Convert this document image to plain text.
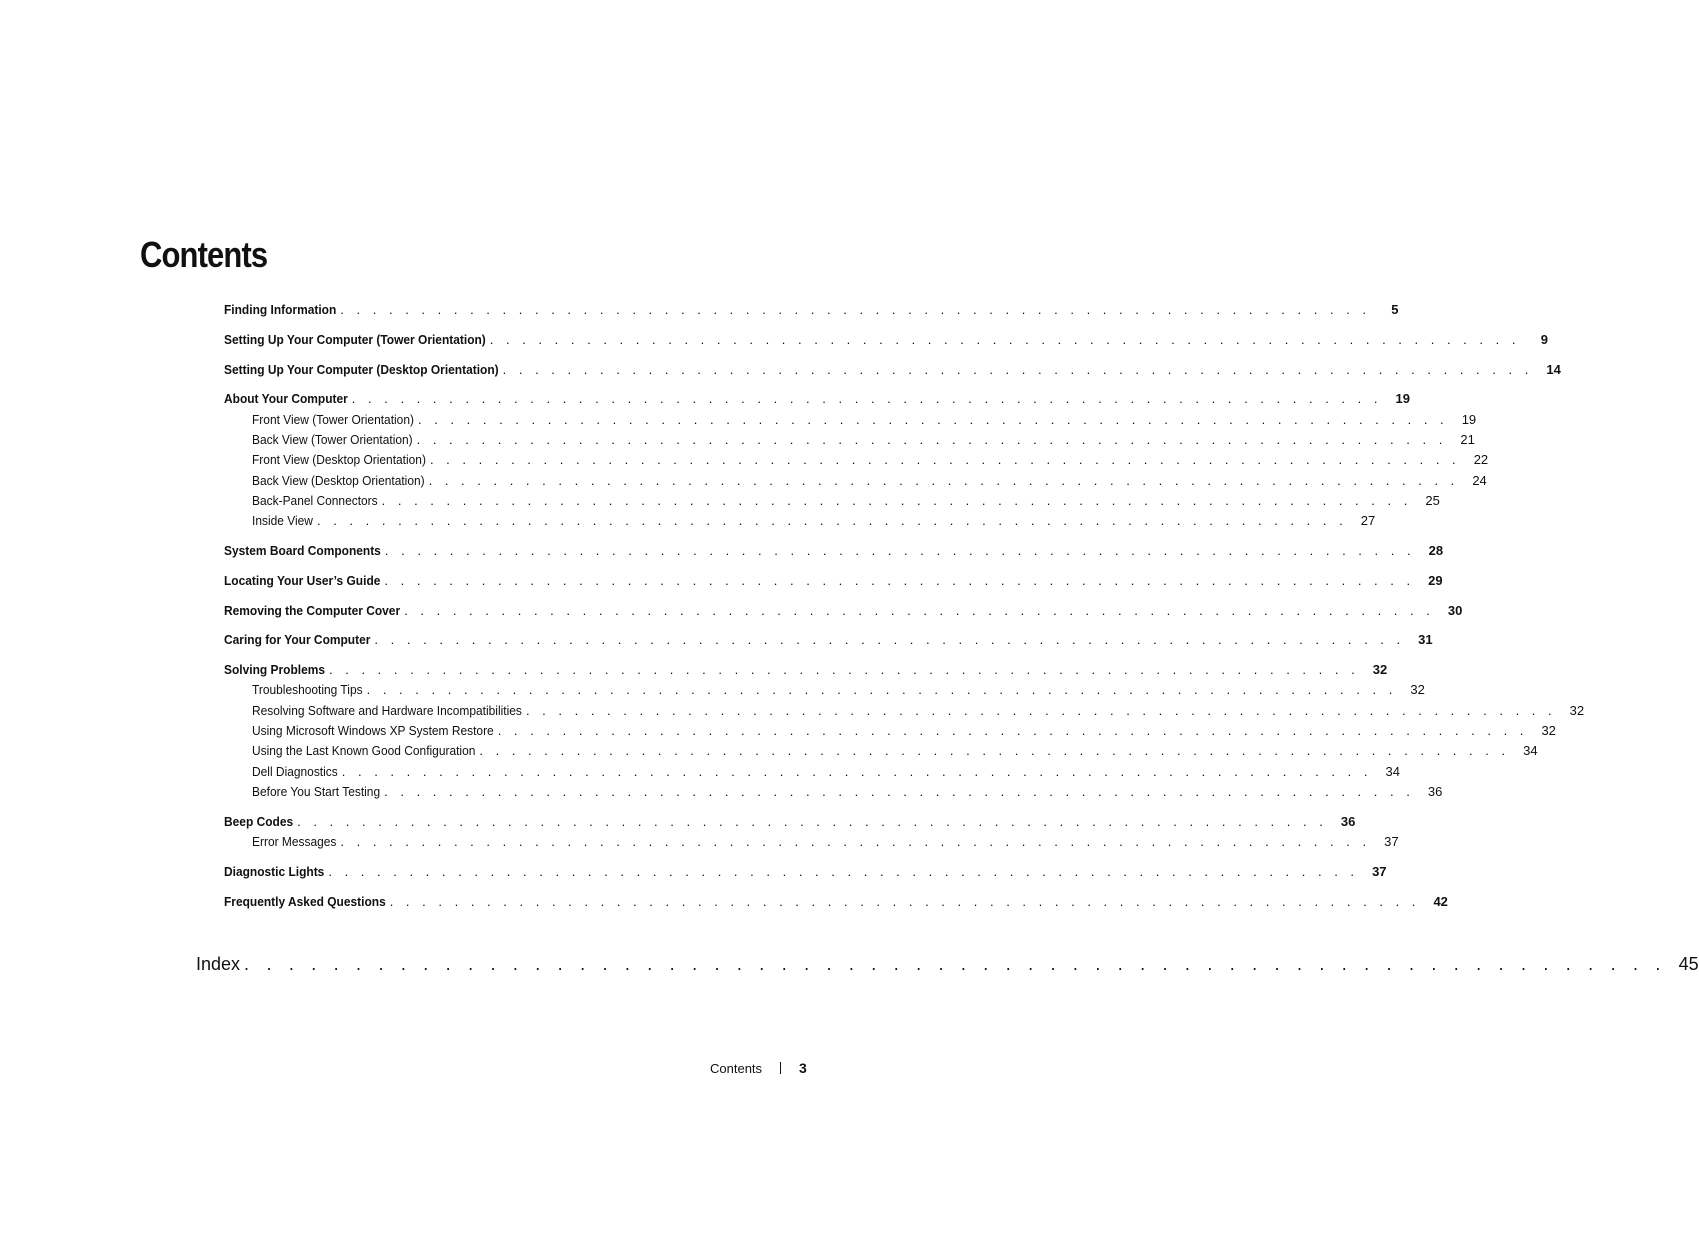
Contents
Finding Information . . . . . . . . . . . . . . . . . . . . . . . . . . . . . . . . . . . . . . . . . . . . . . . . . . . . . . . . . . . . . . . .	5
Setting Up Your Computer (Tower Orientation) . . . . . . . . . . . . . . . . . . . . . . . . . . . . . . . . . . . . . . . . . . . . . . . . . . . . . . . . . . . . . . . .	9
Setting Up Your Computer (Desktop Orientation) . . . . . . . . . . . . . . . . . . . . . . . . . . . . . . . . . . . . . . . . . . . . . . . . . . . . . . . . . . . . . . . . 14
About Your Computer . . . . . . . . . . . . . . . . . . . . . . . . . . . . . . . . . . . . . . . . . . . . . . . . . . . . . . . . . . . . . . . . 19
Front View (Tower Orientation) . . . . . . . . . . . . . . . . . . . . . . . . . . . . . . . . . . . . . . . . . . . . . . . . . . . . . . . . . . . . . . . . 19
Back View (Tower Orientation) . . . . . . . . . . . . . . . . . . . . . . . . . . . . . . . . . . . . . . . . . . . . . . . . . . . . . . . . . . . . . . . . 21
Front View (Desktop Orientation) . . . . . . . . . . . . . . . . . . . . . . . . . . . . . . . . . . . . . . . . . . . . . . . . . . . . . . . . . . . . . . . . 22
Back View (Desktop Orientation) . . . . . . . . . . . . . . . . . . . . . . . . . . . . . . . . . . . . . . . . . . . . . . . . . . . . . . . . . . . . . . . . 24
Back-Panel Connectors . . . . . . . . . . . . . . . . . . . . . . . . . . . . . . . . . . . . . . . . . . . . . . . . . . . . . . . . . . . . . . . . 25
Inside View . . . . . . . . . . . . . . . . . . . . . . . . . . . . . . . . . . . . . . . . . . . . . . . . . . . . . . . . . . . . . . . . 27
System Board Components . . . . . . . . . . . . . . . . . . . . . . . . . . . . . . . . . . . . . . . . . . . . . . . . . . . . . . . . . . . . . . . . 28
Locating Your User’s Guide . . . . . . . . . . . . . . . . . . . . . . . . . . . . . . . . . . . . . . . . . . . . . . . . . . . . . . . . . . . . . . . . 29
Removing the Computer Cover . . . . . . . . . . . . . . . . . . . . . . . . . . . . . . . . . . . . . . . . . . . . . . . . . . . . . . . . . . . . . . . . 30
Caring for Your Computer . . . . . . . . . . . . . . . . . . . . . . . . . . . . . . . . . . . . . . . . . . . . . . . . . . . . . . . . . . . . . . . . 31
Solving Problems . . . . . . . . . . . . . . . . . . . . . . . . . . . . . . . . . . . . . . . . . . . . . . . . . . . . . . . . . . . . . . . . 32
Troubleshooting Tips . . . . . . . . . . . . . . . . . . . . . . . . . . . . . . . . . . . . . . . . . . . . . . . . . . . . . . . . . . . . . . . . 32
Resolving Software and Hardware Incompatibilities . . . . . . . . . . . . . . . . . . . . . . . . . . . . . . . . . . . . . . . . . . . . . . . . . . . . . . . . . . . . . . . . 32
Using Microsoft Windows XP System Restore . . . . . . . . . . . . . . . . . . . . . . . . . . . . . . . . . . . . . . . . . . . . . . . . . . . . . . . . . . . . . . . . 32
Using the Last Known Good Configuration . . . . . . . . . . . . . . . . . . . . . . . . . . . . . . . . . . . . . . . . . . . . . . . . . . . . . . . . . . . . . . . . 34
Dell Diagnostics . . . . . . . . . . . . . . . . . . . . . . . . . . . . . . . . . . . . . . . . . . . . . . . . . . . . . . . . . . . . . . . . 34
Before You Start Testing . . . . . . . . . . . . . . . . . . . . . . . . . . . . . . . . . . . . . . . . . . . . . . . . . . . . . . . . . . . . . . . . 36
Beep Codes . . . . . . . . . . . . . . . . . . . . . . . . . . . . . . . . . . . . . . . . . . . . . . . . . . . . . . . . . . . . . . . . 36
Error Messages . . . . . . . . . . . . . . . . . . . . . . . . . . . . . . . . . . . . . . . . . . . . . . . . . . . . . . . . . . . . . . . . 37
Diagnostic Lights . . . . . . . . . . . . . . . . . . . . . . . . . . . . . . . . . . . . . . . . . . . . . . . . . . . . . . . . . . . . . . . . 37
Frequently Asked Questions . . . . . . . . . . . . . . . . . . . . . . . . . . . . . . . . . . . . . . . . . . . . . . . . . . . . . . . . . . . . . . . . 42
Index . . . . . . . . . . . . . . . . . . . . . . . . . . . . . . . . . . . . . . . . . . . . . . . . . . . . . . . . . . . . . . . . 45
Contents	3
